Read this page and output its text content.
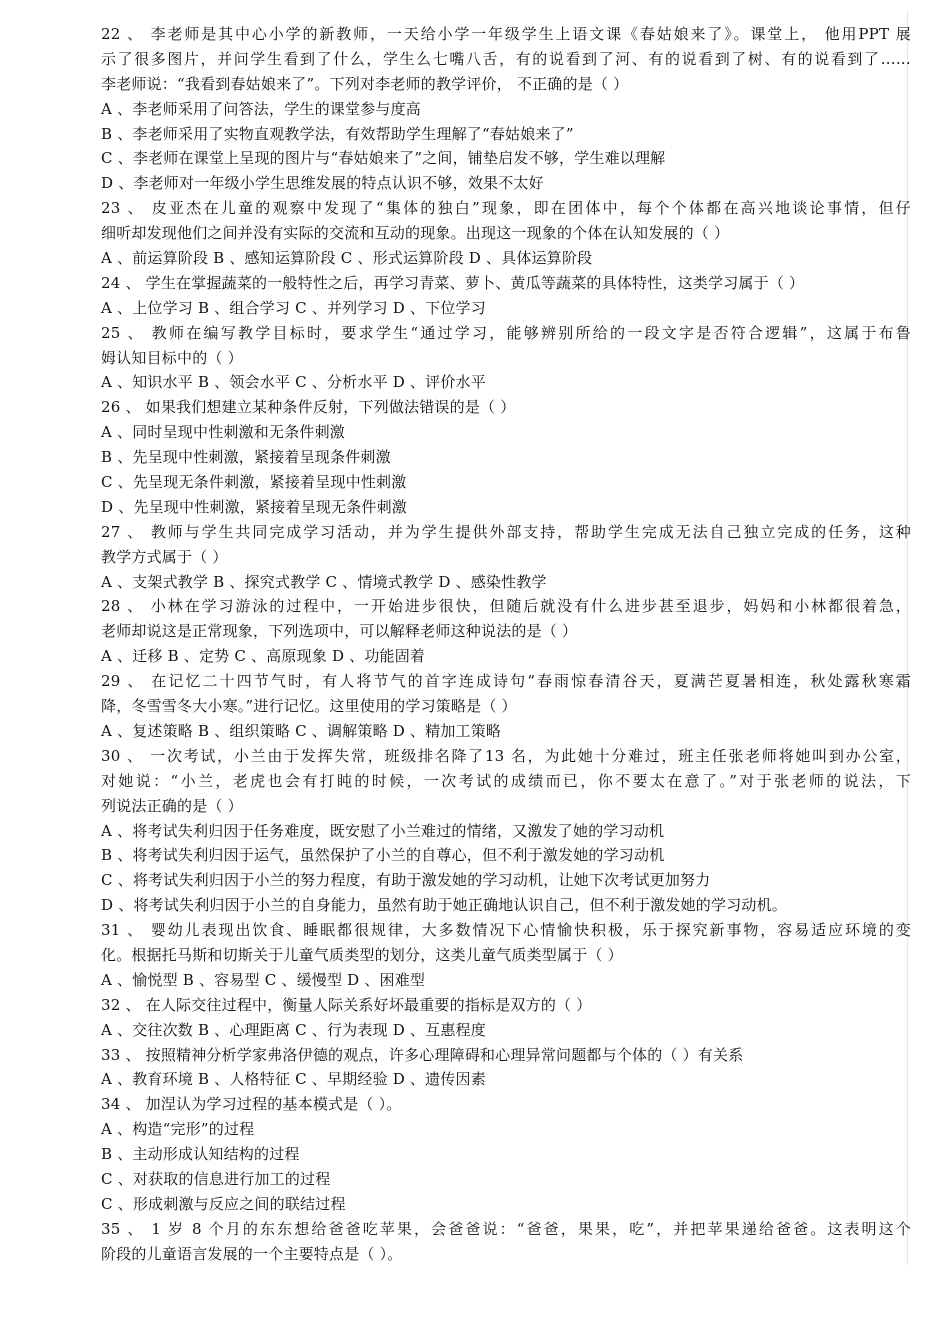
22 、 李老师是其中心小学的新教师，一天给小学一年级学生上语文课《春姑娘来了》。课堂上， 他用PPT 展
示了很多图片，并问学生看到了什么，学生么七嘴八舌，有的说看到了河、有的说看到了树、有的说看到了……
李老师说：“我看到春姑娘来了”。下列对李老师的教学评价， 不正确的是（ ）
A 、李老师采用了问答法，学生的课堂参与度高
B 、李老师采用了实物直观教学法，有效帮助学生理解了“春姑娘来了”
C 、李老师在课堂上呈现的图片与“春姑娘来了”之间，铺垫启发不够，学生难以理解
D 、李老师对一年级小学生思维发展的特点认识不够，效果不太好
23 、 皮亚杰在儿童的观察中发现了“集体的独白”现象，即在团体中，每个个体都在高兴地谈论事情，但仔
细听却发现他们之间并没有实际的交流和互动的现象。出现这一现象的个体在认知发展的（ ）
A 、前运算阶段 B 、感知运算阶段 C 、形式运算阶段 D 、具体运算阶段
24 、 学生在掌握蔬菜的一般特性之后，再学习青菜、萝卜、黄瓜等蔬菜的具体特性，这类学习属于（ ）
A 、上位学习 B 、组合学习 C 、并列学习 D 、下位学习
25 、 教师在编写教学目标时，要求学生“通过学习，能够辨别所给的一段文字是否符合逻辑”，这属于布鲁
姆认知目标中的（ ）
A 、知识水平 B 、领会水平 C 、分析水平 D 、评价水平
26 、 如果我们想建立某种条件反射，下列做法错误的是（ ）
A 、同时呈现中性刺激和无条件刺激
B 、先呈现中性刺激，紧接着呈现条件刺激
C 、先呈现无条件刺激，紧接着呈现中性刺激
D 、先呈现中性刺激，紧接着呈现无条件刺激
27 、 教师与学生共同完成学习活动，并为学生提供外部支持，帮助学生完成无法自己独立完成的任务，这种
教学方式属于（ ）
A 、支架式教学 B 、探究式教学 C 、情境式教学 D 、感染性教学
28 、 小林在学习游泳的过程中，一开始进步很快，但随后就没有什么进步甚至退步，妈妈和小林都很着急，
老师却说这是正常现象，下列选项中，可以解释老师这种说法的是（ ）
A 、迁移 B 、定势 C 、高原现象 D 、功能固着
29 、 在记忆二十四节气时，有人将节气的首字连成诗句“春雨惊春清谷天，夏满芒夏暑相连，秋处露秋寒霜
降，冬雪雪冬大小寒。”进行记忆。这里使用的学习策略是（ ）
A 、复述策略 B 、组织策略 C 、调解策略 D 、精加工策略
30 、 一次考试，小兰由于发挥失常，班级排名降了13 名，为此她十分难过，班主任张老师将她叫到办公室，
对她说：“小兰，老虎也会有打盹的时候，一次考试的成绩而已，你不要太在意了。”对于张老师的说法，下
列说法正确的是（ ）
A 、将考试失利归因于任务难度，既安慰了小兰难过的情绪，又激发了她的学习动机
B 、将考试失利归因于运气，虽然保护了小兰的自尊心，但不利于激发她的学习动机
C 、将考试失利归因于小兰的努力程度，有助于激发她的学习动机，让她下次考试更加努力
D 、将考试失利归因于小兰的自身能力，虽然有助于她正确地认识自己，但不利于激发她的学习动机。
31 、 婴幼儿表现出饮食、睡眠都很规律，大多数情况下心情愉快积极，乐于探究新事物，容易适应环境的变
化。根据托马斯和切斯关于儿童气质类型的划分，这类儿童气质类型属于（ ）
A 、愉悦型 B 、容易型 C 、缓慢型 D 、困难型
32 、 在人际交往过程中，衡量人际关系好坏最重要的指标是双方的（ ）
A 、交往次数 B 、心理距离 C 、行为表现 D 、互惠程度
33 、 按照精神分析学家弗洛伊德的观点，许多心理障碍和心理异常问题都与个体的（ ）有关系
A 、教育环境 B 、人格特征 C 、早期经验 D 、遗传因素
34 、 加涅认为学习过程的基本模式是（ ）。
A 、构造“完形”的过程
B 、主动形成认知结构的过程
C 、对获取的信息进行加工的过程
C 、形成刺激与反应之间的联结过程
35 、 1 岁 8 个月的东东想给爸爸吃苹果，会爸爸说：“爸爸，果果，吃”，并把苹果递给爸爸。这表明这个
阶段的儿童语言发展的一个主要特点是（ ）。
